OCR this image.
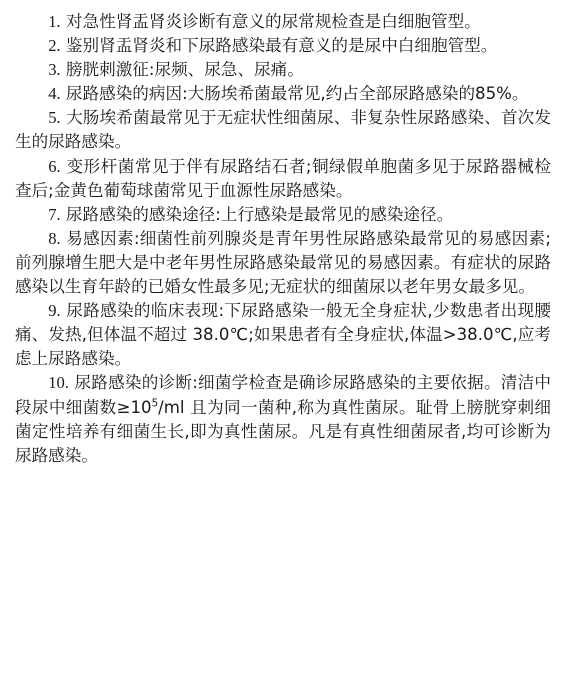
1. 对急性肾盂肾炎诊断有意义的尿常规检查是白细胞管型。

2. 鉴别肾盂肾炎和下尿路感染最有意义的是尿中白细胞管型。

3. 膀胱刺激征:尿频、尿急、尿痛。

4. 尿路感染的病因:大肠埃希菌最常见,约占全部尿路感染的85%。

5. 大肠埃希菌最常见于无症状性细菌尿、非复杂性尿路感染、首次发生的尿路感染。

6. 变形杆菌常见于伴有尿路结石者;铜绿假单胞菌多见于尿路器械检查后;金黄色葡萄球菌常见于血源性尿路感染。

7. 尿路感染的感染途径:上行感染是最常见的感染途径。

8. 易感因素:细菌性前列腺炎是青年男性尿路感染最常见的易感因素;前列腺增生肥大是中老年男性尿路感染最常见的易感因素。有症状的尿路感染以生育年龄的已婚女性最多见;无症状的细菌尿以老年男女最多见。

9. 尿路感染的临床表现:下尿路感染一般无全身症状,少数患者出现腰痛、发热,但体温不超过 38.0℃;如果患者有全身症状,体温>38.0℃,应考虑上尿路感染。

10. 尿路感染的诊断:细菌学检查是确诊尿路感染的主要依据。清洁中段尿中细菌数$\ge 10^5/ml$ 且为同一菌种,称为真性菌尿。耻骨上膀胱穿刺细菌定性培养有细菌生长,即为真性菌尿。凡是有真性细菌尿者,均可诊断为尿路感染。
